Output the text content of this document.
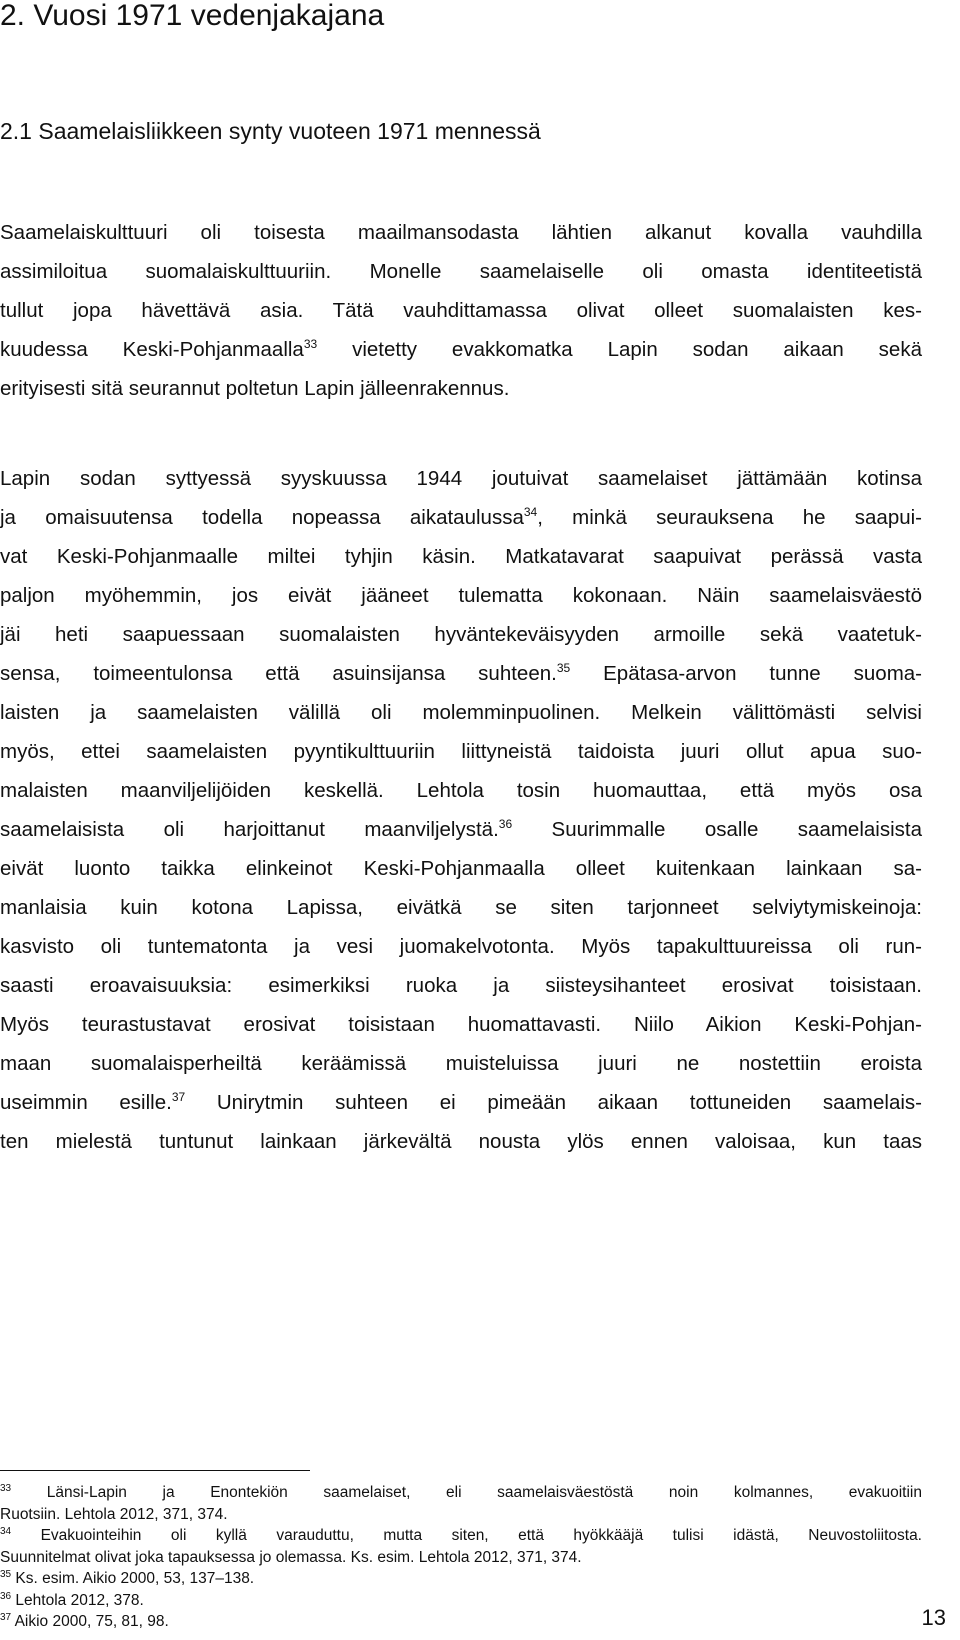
2. Vuosi 1971 vedenjakajana
2.1 Saamelaisliikkeen synty vuoteen 1971 mennessä
Saamelaiskulttuuri oli toisesta maailmansodasta lähtien alkanut kovalla vauhdilla
assimiloitua suomalaiskulttuuriin. Monelle saamelaiselle oli omasta identiteetistä
tullut jopa hävettävä asia. Tätä vauhdittamassa olivat olleet suomalaisten kes-
kuudessa Keski-Pohjanmaalla$^{33}$ vietetty evakkomatka Lapin sodan aikaan sekä
erityisesti sitä seurannut poltetun Lapin jälleenrakennus.
Lapin sodan syttyessä syyskuussa 1944 joutuivat saamelaiset jättämään kotinsa
ja omaisuutensa todella nopeassa aikataulussa$^{34}$, minkä seurauksena he saapui-
vat Keski-Pohjanmaalle miltei tyhjin käsin. Matkatavarat saapuivat perässä vasta
paljon myöhemmin, jos eivät jääneet tulematta kokonaan. Näin saamelaisväestö
jäi heti saapuessaan suomalaisten hyväntekeväisyyden armoille sekä vaatetuk-
sensa, toimeentulonsa että asuinsijansa suhteen.$^{35}$ Epätasa-arvon tunne suoma-
laisten ja saamelaisten välillä oli molemminpuolinen. Melkein välittömästi selvisi
myös, ettei saamelaisten pyyntikulttuuriin liittyneistä taidoista juuri ollut apua suo-
malaisten maanviljelijöiden keskellä. Lehtola tosin huomauttaa, että myös osa
saamelaisista oli harjoittanut maanviljelystä.$^{36}$ Suurimmalle osalle saamelaisista
eivät luonto taikka elinkeinot Keski-Pohjanmaalla olleet kuitenkaan lainkaan sa-
manlaisia kuin kotona Lapissa, eivätkä se siten tarjonneet selviytymiskeinoja:
kasvisto oli tuntematonta ja vesi juomakelvotonta. Myös tapakulttuureissa oli run-
saasti eroavaisuuksia: esimerkiksi ruoka ja siisteysihanteet erosivat toisistaan.
Myös teurastustavat erosivat toisistaan huomattavasti. Niilo Aikion Keski-Pohjan-
maan suomalaisperheiltä keräämissä muisteluissa juuri ne nostettiin eroista
useimmin esille.$^{37}$ Unirytmin suhteen ei pimeään aikaan tottuneiden saamelais-
ten mielestä tuntunut lainkaan järkevältä nousta ylös ennen valoisaa, kun taas
$^{33}$ Länsi-Lapin ja Enontekiön saamelaiset, eli saamelaisväestöstä noin kolmannes, evakuoitiin
Ruotsiin. Lehtola 2012, 371, 374.
$^{34}$ Evakuointeihin oli kyllä varauduttu, mutta siten, että hyökkääjä tulisi idästä, Neuvostoliitosta.
Suunnitelmat olivat joka tapauksessa jo olemassa. Ks. esim. Lehtola 2012, 371, 374.
$^{35}$ Ks. esim. Aikio 2000, 53, 137–138.
$^{36}$ Lehtola 2012, 378.
$^{37}$ Aikio 2000, 75, 81, 98.	13
